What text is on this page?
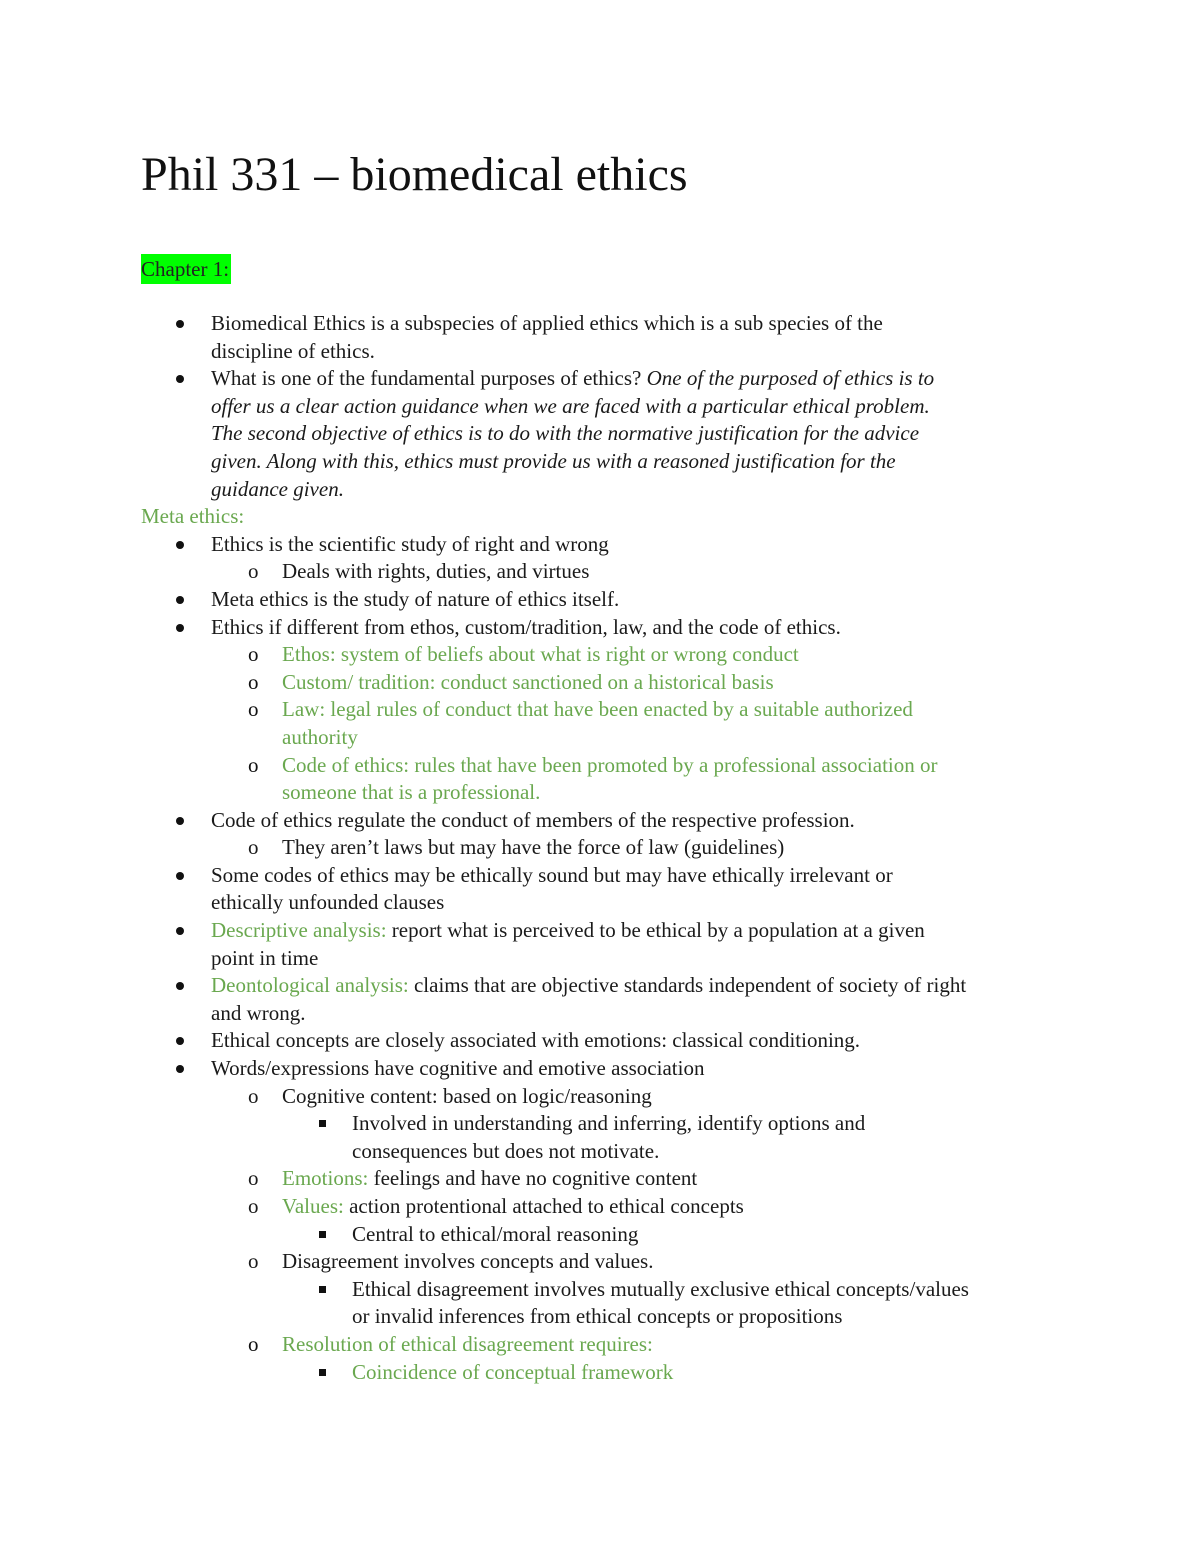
Phil 331 – biomedical ethics
Chapter 1:
Biomedical Ethics is a subspecies of applied ethics which is a sub species of the
discipline of ethics.
What is one of the fundamental purposes of ethics? One of the purposed of ethics is to
offer us a clear action guidance when we are faced with a particular ethical problem.
The second objective of ethics is to do with the normative justification for the advice
given. Along with this, ethics must provide us with a reasoned justification for the
guidance given.
Meta ethics:
Ethics is the scientific study of right and wrong
o Deals with rights, duties, and virtues
Meta ethics is the study of nature of ethics itself.
Ethics if different from ethos, custom/tradition, law, and the code of ethics.
o Ethos: system of beliefs about what is right or wrong conduct
o Custom/ tradition: conduct sanctioned on a historical basis
o Law: legal rules of conduct that have been enacted by a suitable authorized
authority
o Code of ethics: rules that have been promoted by a professional association or
someone that is a professional.
Code of ethics regulate the conduct of members of the respective profession.
o They aren’t laws but may have the force of law (guidelines)
Some codes of ethics may be ethically sound but may have ethically irrelevant or
ethically unfounded clauses
Descriptive analysis: report what is perceived to be ethical by a population at a given
point in time
Deontological analysis: claims that are objective standards independent of society of right
and wrong.
Ethical concepts are closely associated with emotions: classical conditioning.
Words/expressions have cognitive and emotive association
o Cognitive content: based on logic/reasoning
Involved in understanding and inferring, identify options and
consequences but does not motivate.
o Emotions: feelings and have no cognitive content
o Values: action protentional attached to ethical concepts
Central to ethical/moral reasoning
o Disagreement involves concepts and values.
Ethical disagreement involves mutually exclusive ethical concepts/values
or invalid inferences from ethical concepts or propositions
o Resolution of ethical disagreement requires:
Coincidence of conceptual framework
